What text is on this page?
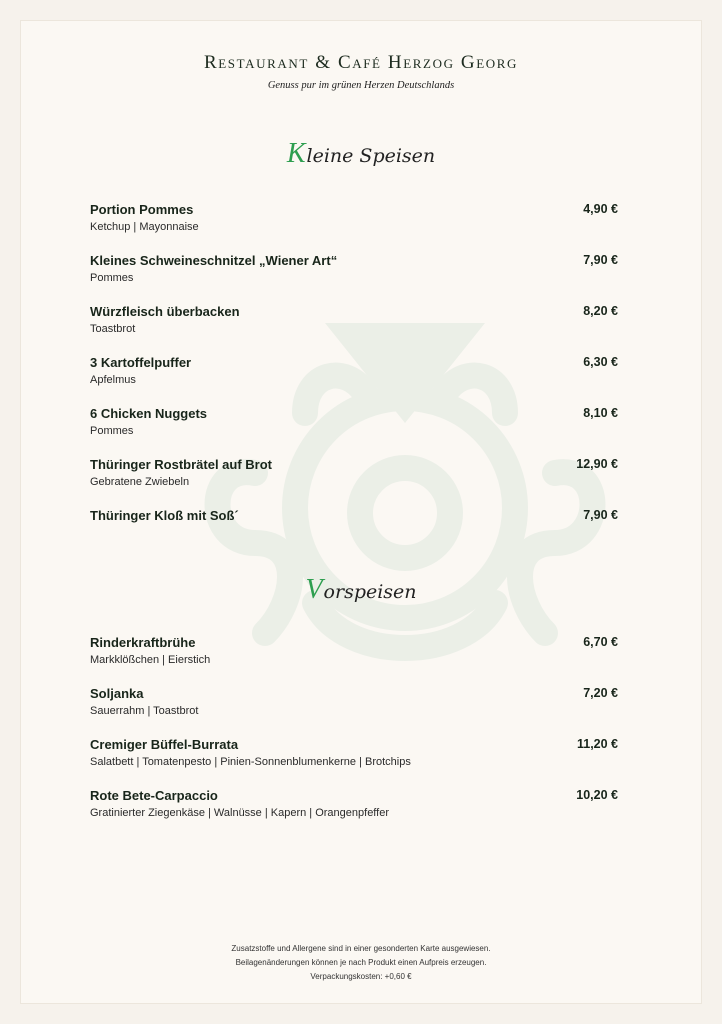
Restaurant & Café Herzog Georg
Genuss pur im grünen Herzen Deutschlands
Kleine Speisen
Portion Pommes
Ketchup | Mayonnaise
4,90 €
Kleines Schweineschnitzel „Wiener Art“
Pommes
7,90 €
Würzfleisch überbacken
Toastbrot
8,20 €
3 Kartoffelpuffer
Apfelmus
6,30 €
6 Chicken Nuggets
Pommes
8,10 €
Thüringer Rostbrätel auf Brot
Gebratene Zwiebeln
12,90 €
Thüringer Kloß mit Soß´	7,90 €
Vorspeisen
Rinderkraftbrühe
Markklößchen | Eierstich
6,70 €
Soljanka
Sauerrahm | Toastbrot
7,20 €
Cremiger Büffel-Burrata
Salatbett | Tomatenpesto | Pinien-Sonnenblumenkerne | Brotchips
11,20 €
Rote Bete-Carpaccio
Gratinierter Ziegenkäse | Walnüsse | Kapern | Orangenpfeffer
10,20 €
Zusatzstoffe und Allergene sind in einer gesonderten Karte ausgewiesen.
Beilagenänderungen können je nach Produkt einen Aufpreis erzeugen.
Verpackungskosten: +0,60 €
